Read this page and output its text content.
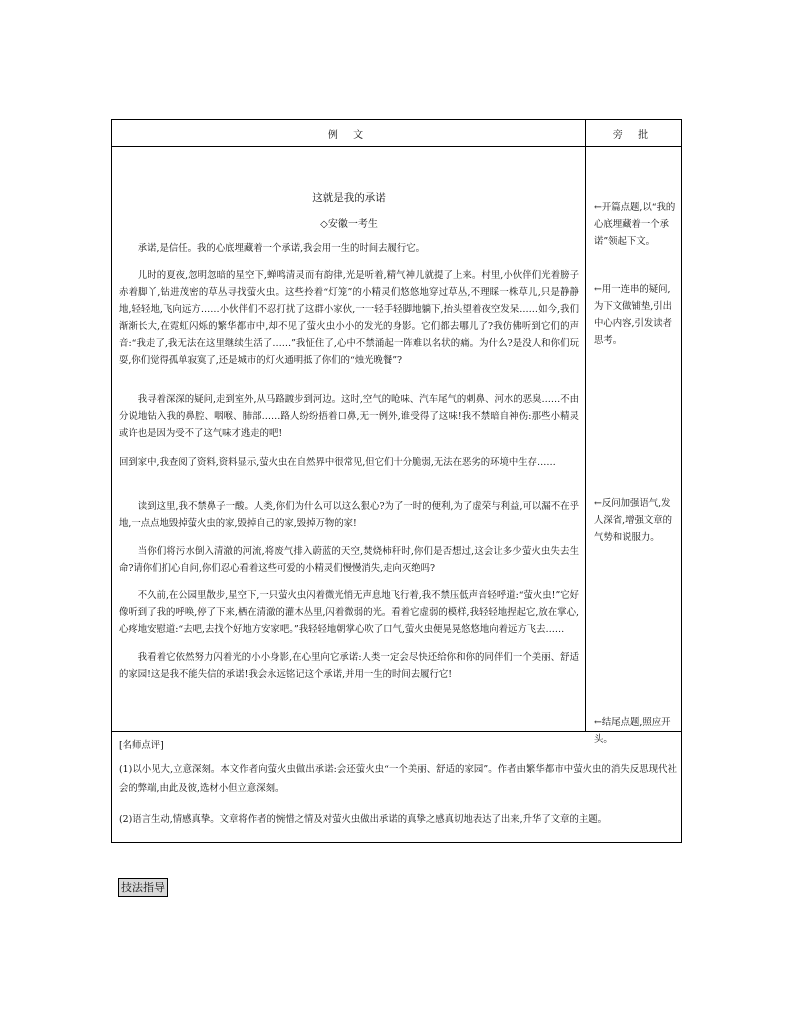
例 文	旁 批
这就是我的承诺
◇安徽一考生

承诺,是信任。我的心底埋藏着一个承诺,我会用一生的时间去履行它。

儿时的夏夜,忽明忽暗的星空下,蝉鸣清灵而有韵律,光是听着,精气神儿就提了上来。村里,小伙伴们光着膀子赤着脚丫,钻进茂密的草丛寻找萤火虫。这些拎着“灯笼”的小精灵们悠悠地穿过草丛,不理睬一株草儿,只是静静地,轻轻地,飞向远方……小伙伴们不忍打扰了这群小家伙,一一轻手轻脚地躺下,抬头望着夜空发呆……如今,我们渐渐长大,在霓虹闪烁的繁华都市中,却不见了萤火虫小小的发光的身影。它们都去哪儿了?我仿佛听到它们的声音:“我走了,我无法在这里继续生活了……”我怔住了,心中不禁涌起一阵难以名状的痛。为什么?是没人和你们玩耍,你们觉得孤单寂寞了,还是城市的灯火通明抵了你们的“烛光晚餐”?

我寻着深深的疑问,走到室外,从马路踱步到河边。这时,空气的呛味、汽车尾气的刺鼻、河水的恶臭……不由分说地钻入我的鼻腔、咽喉、肺部……路人纷纷捂着口鼻,无一例外,谁受得了这味!我不禁暗自神伤:那些小精灵或许也是因为受不了这气味才逃走的吧!

回到家中,我查阅了资料,资料显示,萤火虫在自然界中很常见,但它们十分脆弱,无法在恶劣的环境中生存……

读到这里,我不禁鼻子一酸。人类,你们为什么可以这么狠心?为了一时的便利,为了虚荣与利益,可以漏不在乎地,一点点地毁掉萤火虫的家,毁掉自己的家,毁掉万物的家!

当你们将污水倒入清澈的河流,将废气排入蔚蓝的天空,焚烧柿秆时,你们是否想过,这会让多少萤火虫失去生命?请你们扪心自问,你们忍心看着这些可爱的小精灵们慢慢消失,走向灭绝吗?

不久前,在公园里散步,星空下,一只萤火虫闪着微光悄无声息地飞行着,我不禁压低声音轻呼道:“萤火虫!”它好像听到了我的呼唤,停了下来,栖在清澈的灌木丛里,闪着微弱的光。看着它虚弱的模样,我轻轻地捏起它,放在掌心,心疼地安慰道:“去吧,去找个好地方安家吧。”我轻轻地朝掌心吹了口气,萤火虫便晃晃悠悠地向着远方飞去……

我看着它依然努力闪着光的小小身影,在心里向它承诺:人类一定会尽快还给你和你的同伴们一个美丽、舒适的家园!这是我不能失信的承诺!我会永远铭记这个承诺,并用一生的时间去履行它!

←开篇点题,以“我的心底埋藏着一个承诺”领起下文。

←用一连串的疑问,为下文做铺垫,引出中心内容,引发读者思考。

←反问加强语气,发人深省,增强文章的气势和说服力。

←结尾点题,照应开头。

[名师点评]

(1)以小见大,立意深刻。本文作者向萤火虫做出承诺:会还萤火虫“一个美丽、舒适的家园”。作者由繁华都市中萤火虫的消失反思现代社会的弊端,由此及彼,选材小但立意深刻。

(2)语言生动,情感真挚。文章将作者的惋惜之情及对萤火虫做出承诺的真挚之感真切地表达了出来,升华了文章的主题。

技法指导
